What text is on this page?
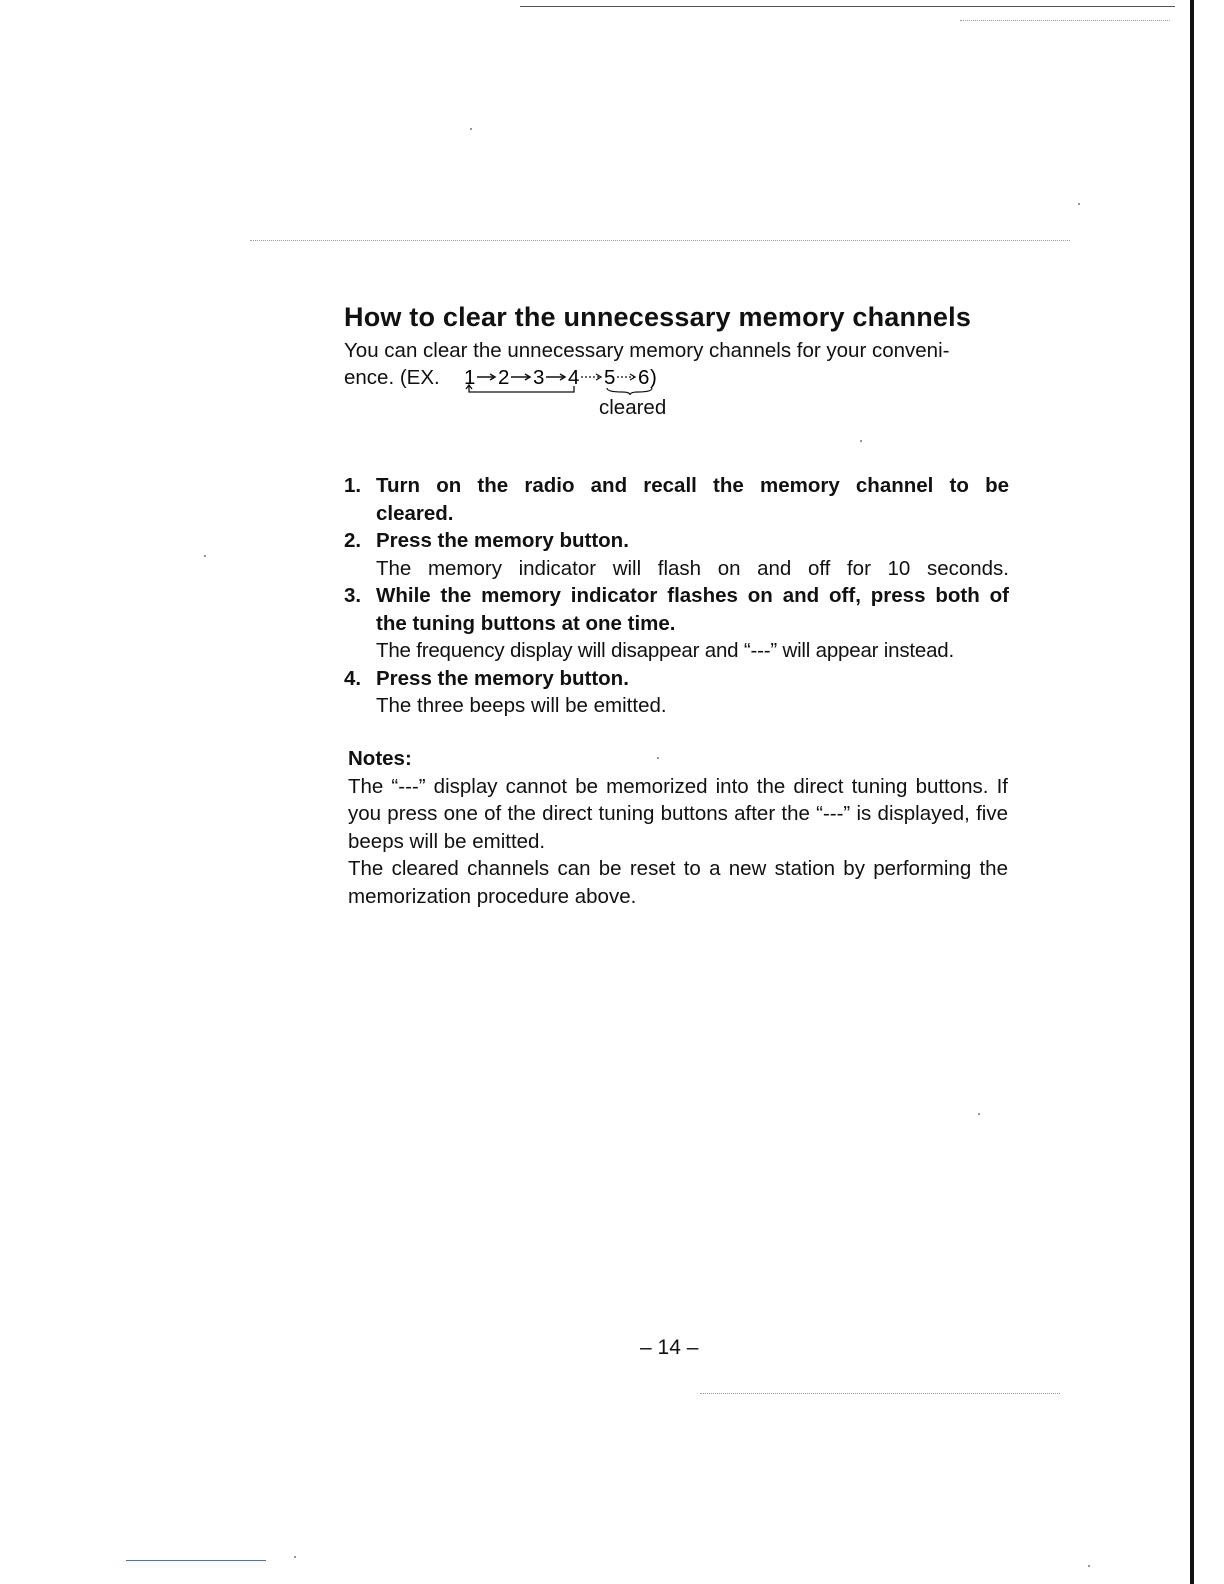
How to clear the unnecessary memory channels
You can clear the unnecessary memory channels for your conveni-
ence. (EX. 1 2 3 4 5 6 )
cleared
1. Turn on the radio and recall the memory channel to be
cleared.
2. Press the memory button.
The memory indicator will flash on and off for 10 seconds.
3. While the memory indicator flashes on and off, press both of
the tuning buttons at one time.
The frequency display will disappear and “---” will appear instead.
4. Press the memory button.
The three beeps will be emitted.
Notes:

The “---” display cannot be memorized into the direct tuning buttons. If you press one of the direct tuning buttons after the “---” is displayed, five beeps will be emitted.

The cleared channels can be reset to a new station by performing the memorization procedure above.

– 14 –
